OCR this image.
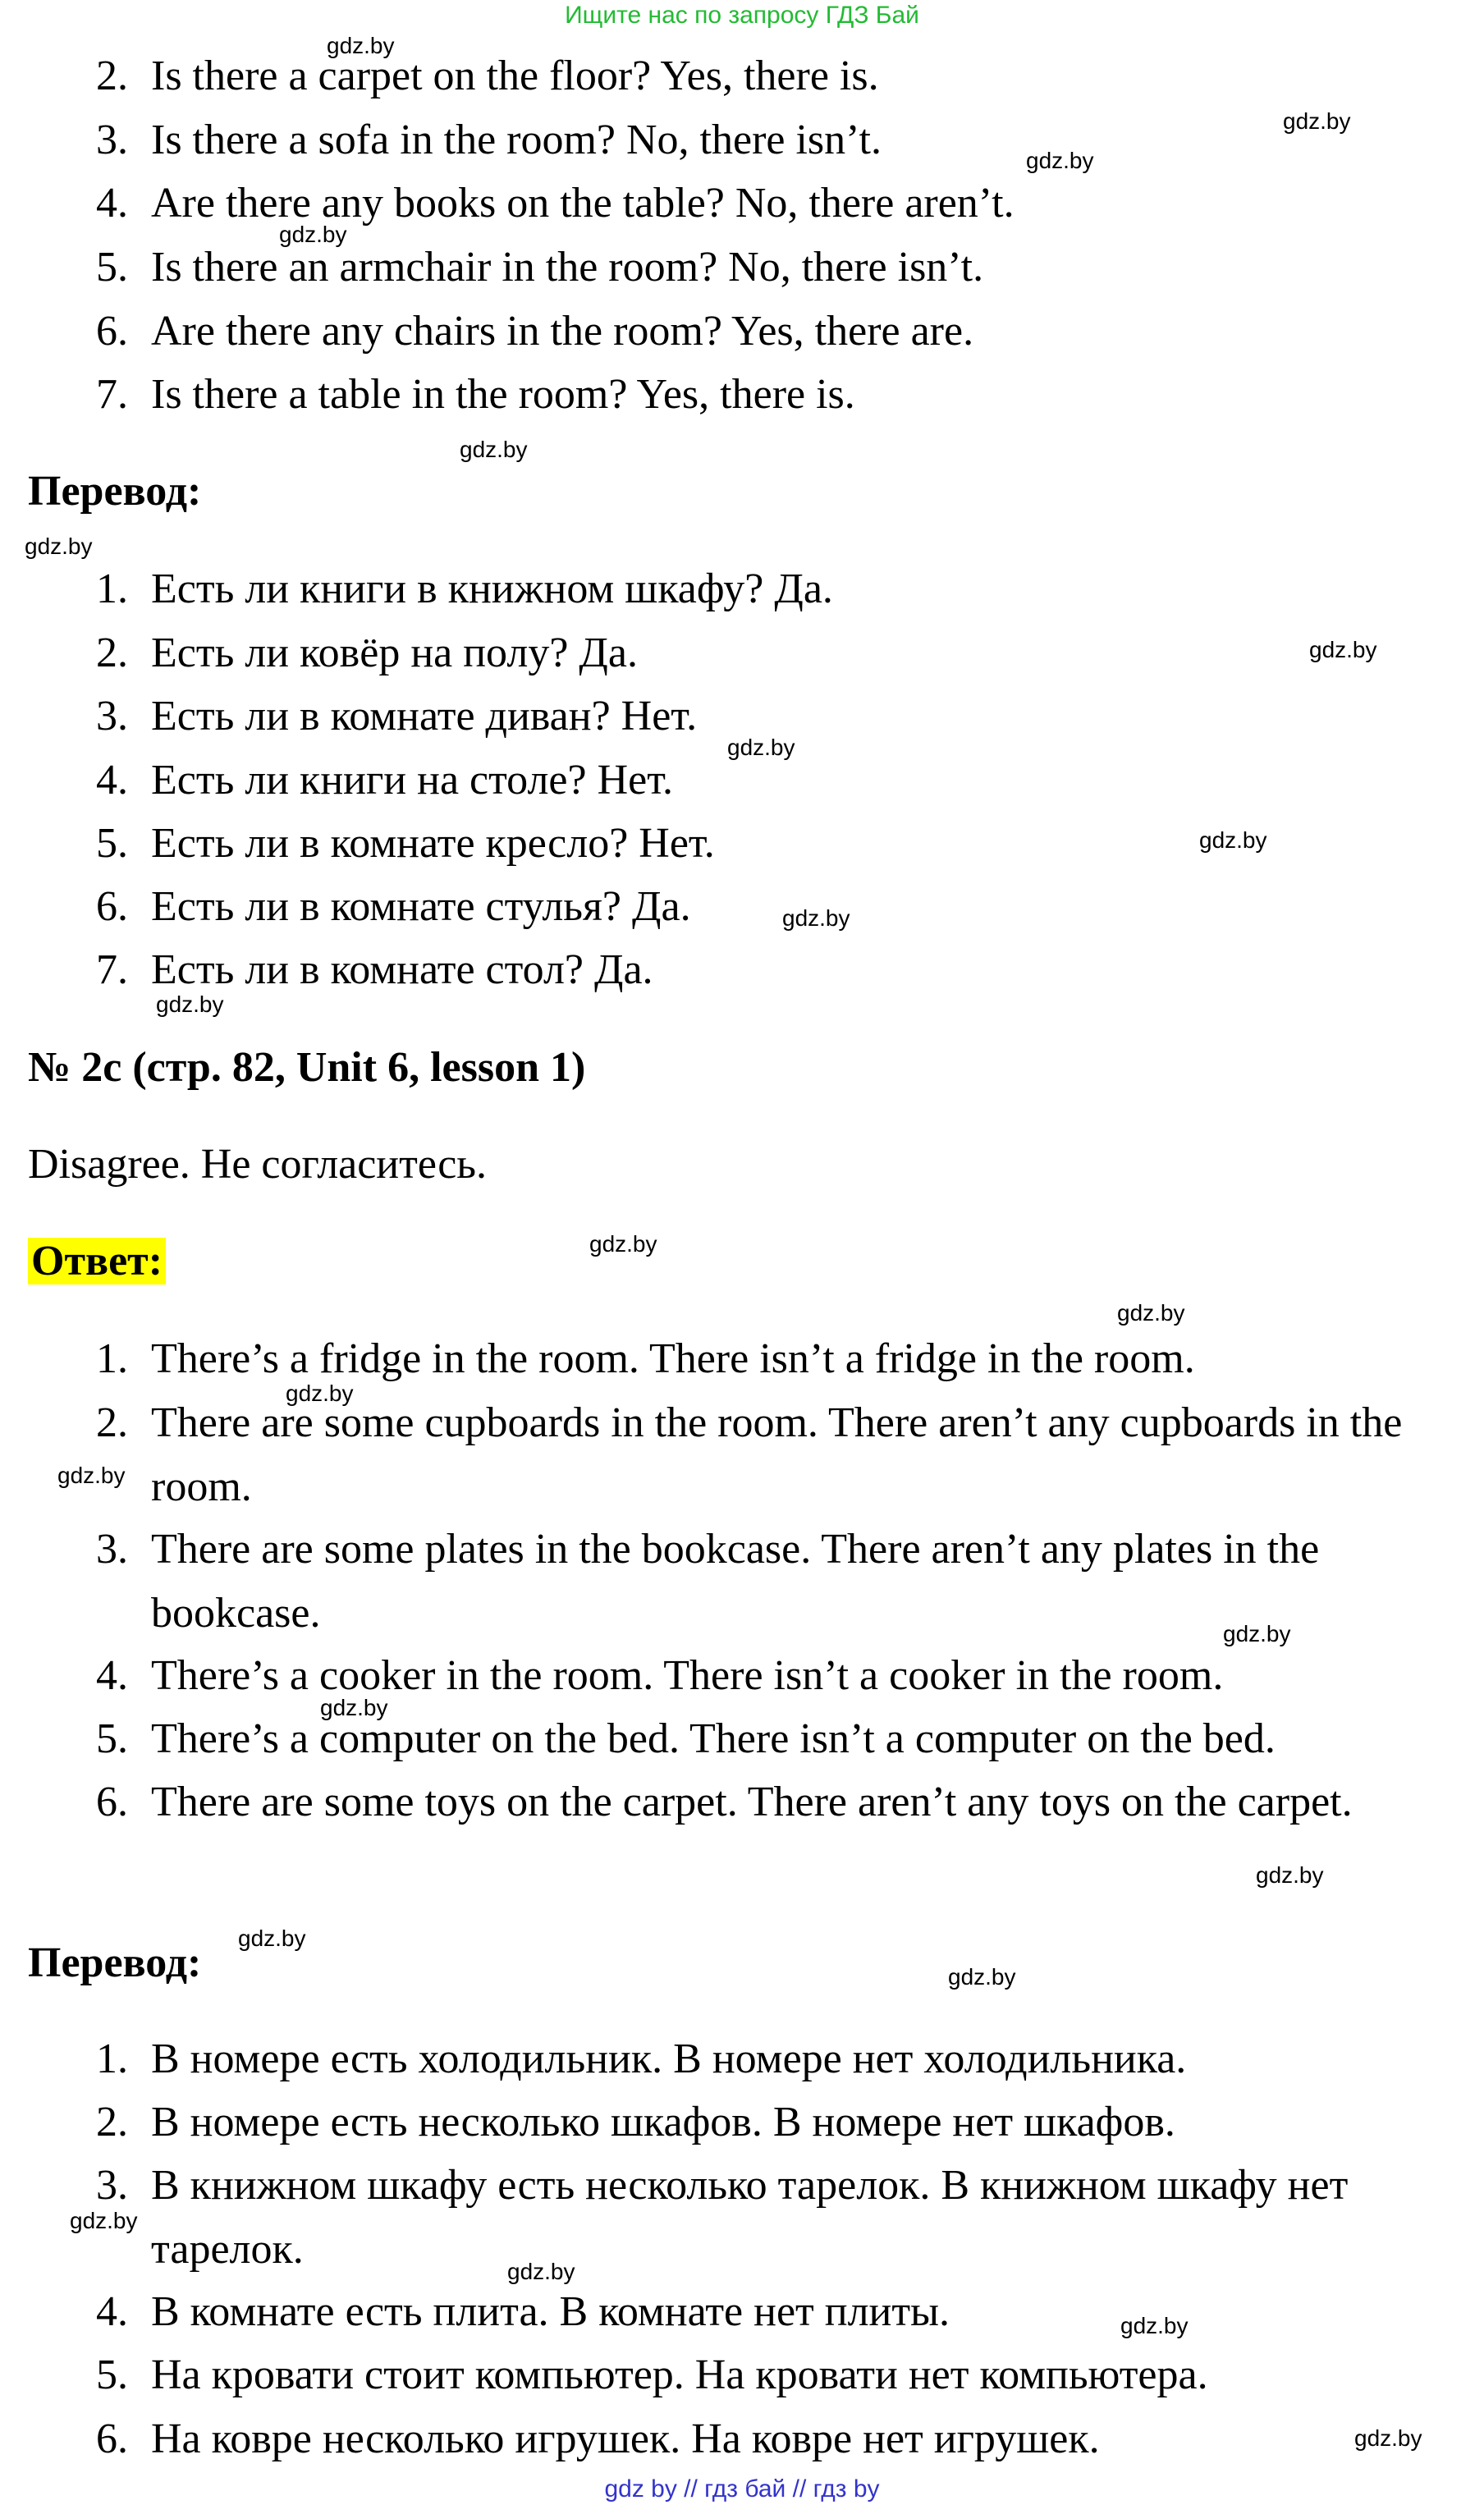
Ищите нас по запросу ГДЗ Бай
2. Is there a carpet on the floor? Yes, there is.
3. Is there a sofa in the room? No, there isn’t.
4. Are there any books on the table? No, there aren’t.
5. Is there an armchair in the room? No, there isn’t.
6. Are there any chairs in the room? Yes, there are.
7. Is there a table in the room? Yes, there is.
Перевод:
1. Есть ли книги в книжном шкафу? Да.
2. Есть ли ковёр на полу? Да.
3. Есть ли в комнате диван? Нет.
4. Есть ли книги на столе? Нет.
5. Есть ли в комнате кресло? Нет.
6. Есть ли в комнате стулья? Да.
7. Есть ли в комнате стол? Да.
№ 2c (стр. 82, Unit 6, lesson 1)
Disagree. Не согласитесь.
Ответ:
1. There’s a fridge in the room. There isn’t a fridge in the room.
2. There are some cupboards in the room. There aren’t any cupboards in the room.
3. There are some plates in the bookcase. There aren’t any plates in the bookcase.
4. There’s a cooker in the room. There isn’t a cooker in the room.
5. There’s a computer on the bed. There isn’t a computer on the bed.
6. There are some toys on the carpet. There aren’t any toys on the carpet.
Перевод:
1. В номере есть холодильник. В номере нет холодильника.
2. В номере есть несколько шкафов. В номере нет шкафов.
3. В книжном шкафу есть несколько тарелок. В книжном шкафу нет тарелок.
4. В комнате есть плита. В комнате нет плиты.
5. На кровати стоит компьютер. На кровати нет компьютера.
6. На ковре несколько игрушек. На ковре нет игрушек.
gdz.by
gdz.by
gdz.by
gdz.by
gdz.by
gdz.by
gdz.by
gdz.by
gdz.by
gdz.by
gdz.by
gdz.by
gdz.by
gdz.by
gdz.by
gdz.by
gdz.by
gdz.by
gdz.by
gdz.by
gdz.by
gdz.by
gdz.by
gdz.by
gdz by // гдз бай // гдз by
